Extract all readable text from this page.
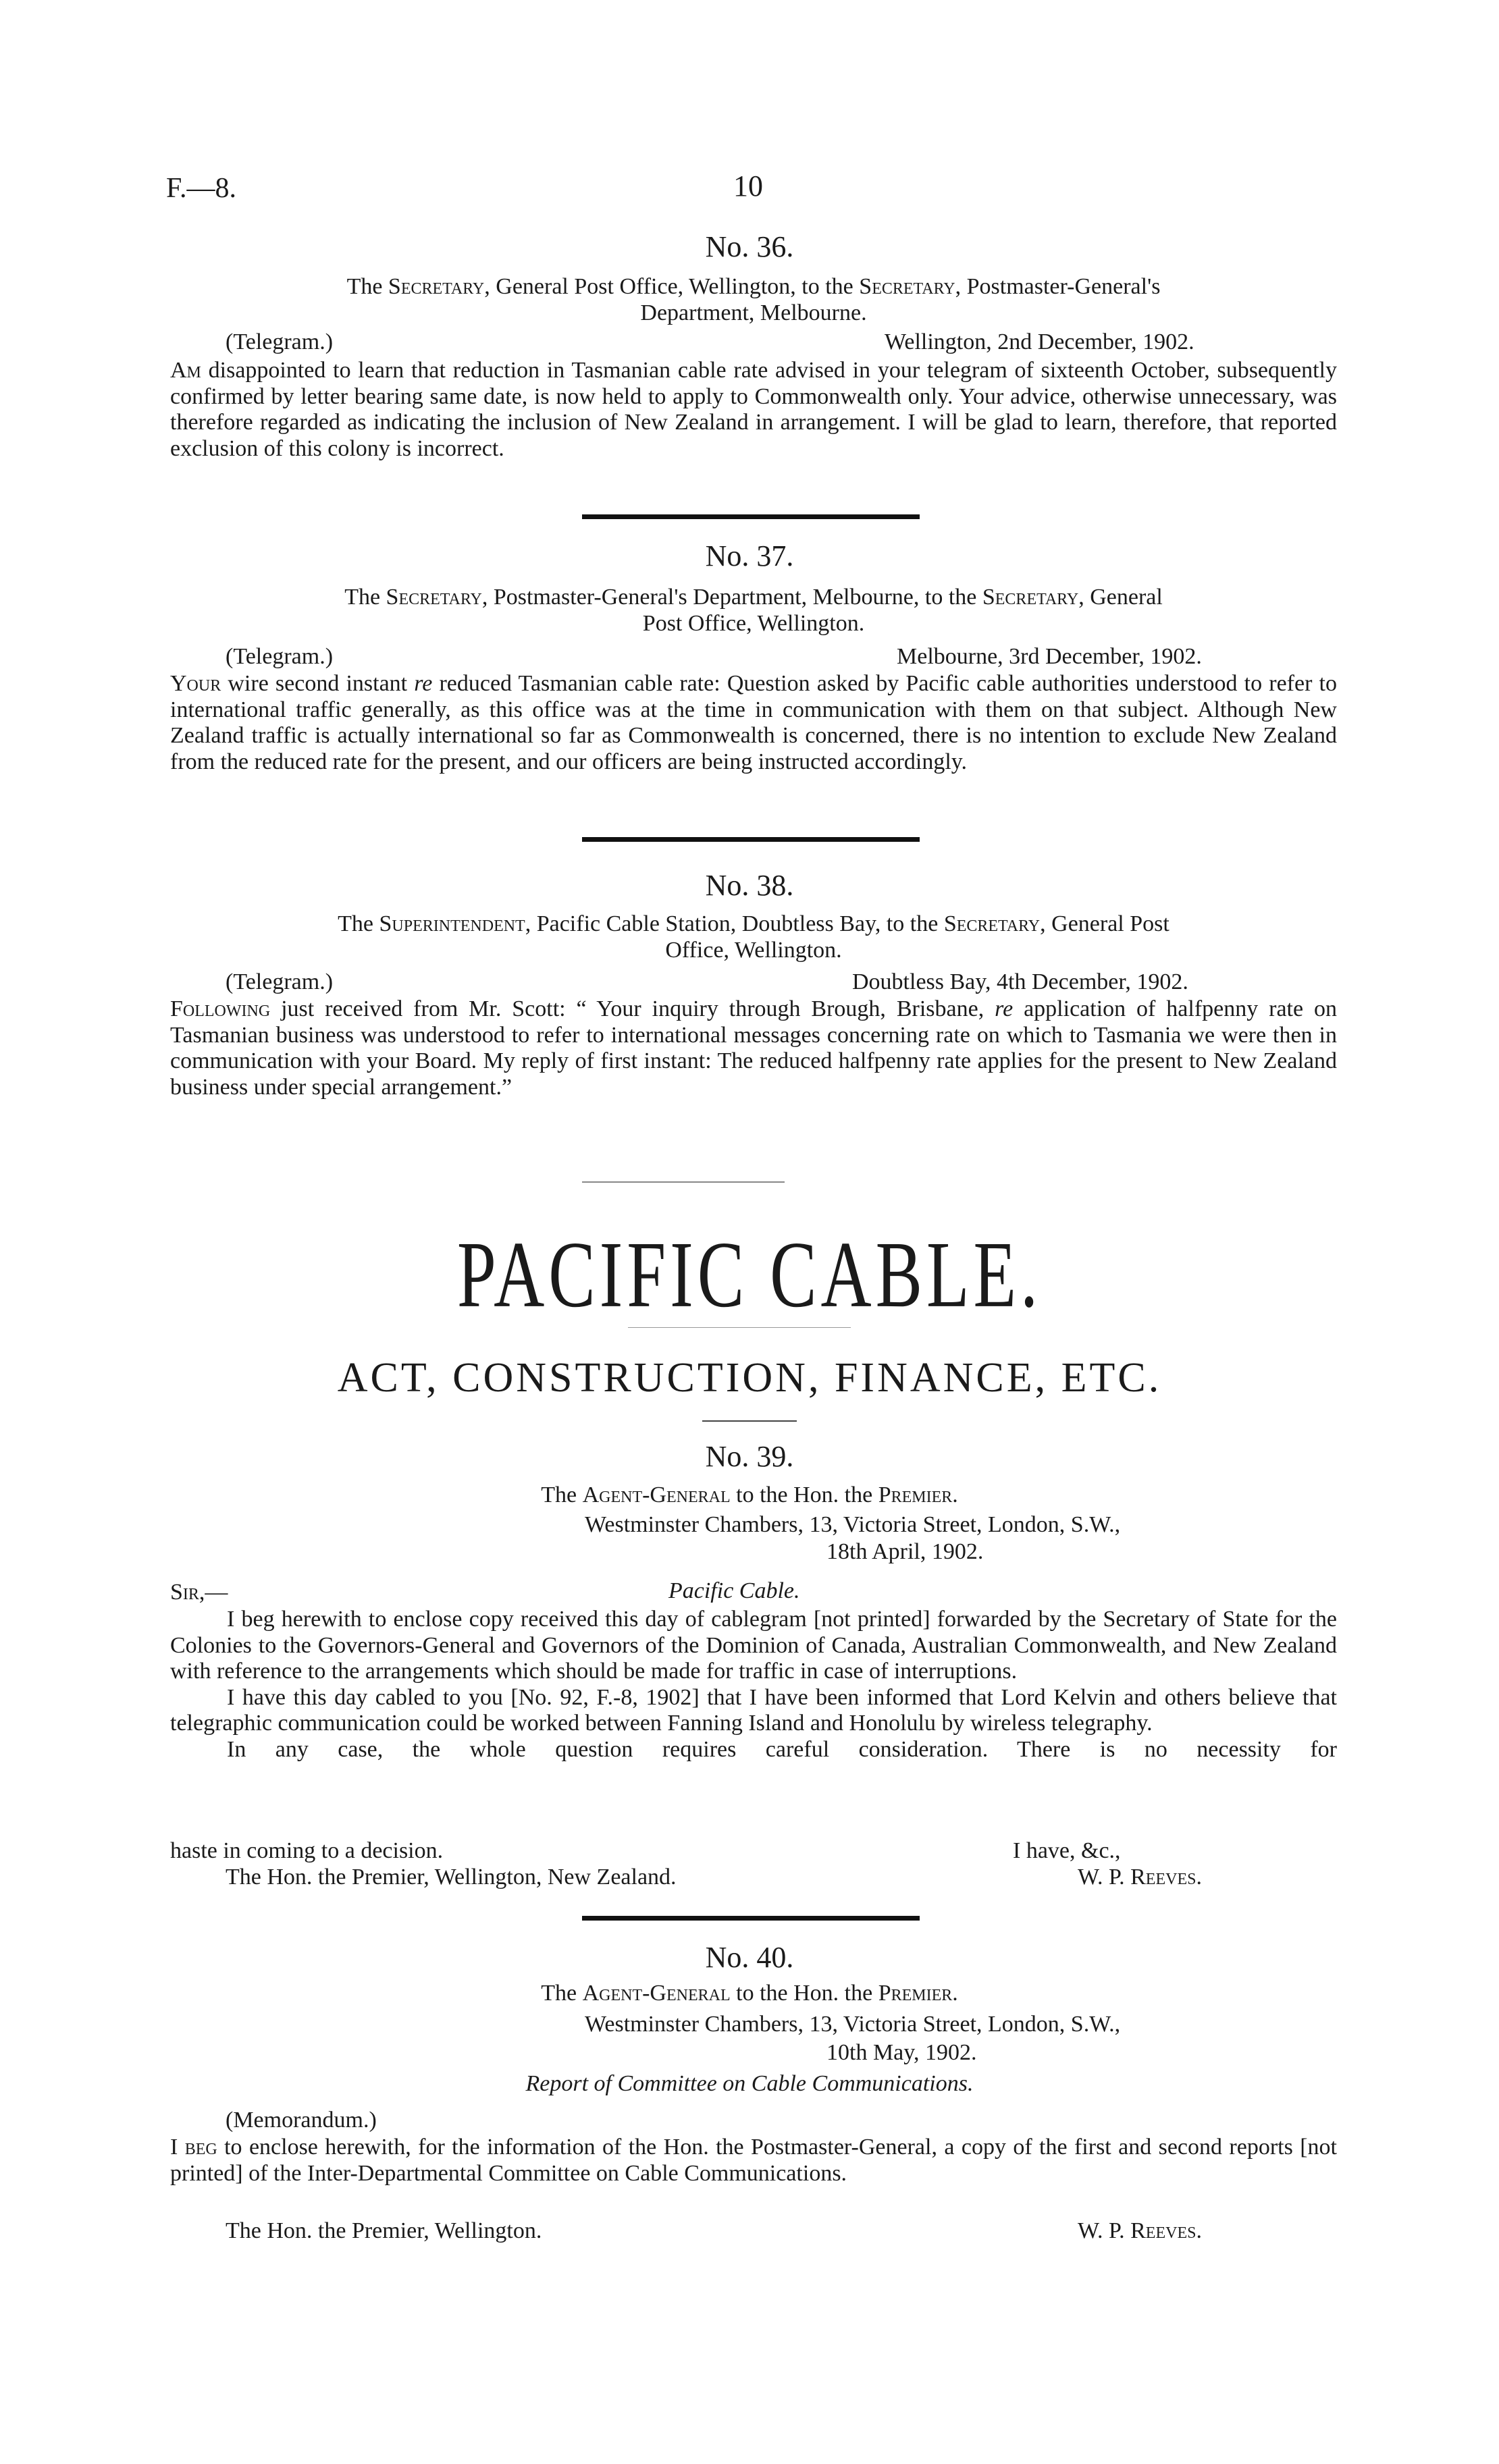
F.—8.	10
No. 36.
The Secretary, General Post Office, Wellington, to the Secretary, Postmaster-General's
Department, Melbourne.
(Telegram.)	Wellington, 2nd December, 1902.
Am disappointed to learn that reduction in Tasmanian cable rate advised in your telegram of sixteenth October, subsequently confirmed by letter bearing same date, is now held to apply to Commonwealth only. Your advice, otherwise unnecessary, was therefore regarded as indicating the inclusion of New Zealand in arrangement. I will be glad to learn, therefore, that reported exclusion of this colony is incorrect.
No. 37.
The Secretary, Postmaster-General's Department, Melbourne, to the Secretary, General
Post Office, Wellington.
(Telegram.)	Melbourne, 3rd December, 1902.
Your wire second instant re reduced Tasmanian cable rate: Question asked by Pacific cable authorities understood to refer to international traffic generally, as this office was at the time in communication with them on that subject. Although New Zealand traffic is actually international so far as Commonwealth is concerned, there is no intention to exclude New Zealand from the reduced rate for the present, and our officers are being instructed accordingly.
No. 38.
The Superintendent, Pacific Cable Station, Doubtless Bay, to the Secretary, General Post
Office, Wellington.
(Telegram.)	Doubtless Bay, 4th December, 1902.
Following just received from Mr. Scott: “ Your inquiry through Brough, Brisbane, re application of halfpenny rate on Tasmanian business was understood to refer to international messages concerning rate on which to Tasmania we were then in communication with your Board. My reply of first instant: The reduced halfpenny rate applies for the present to New Zealand business under special arrangement.”
PACIFIC CABLE.
ACT, CONSTRUCTION, FINANCE, ETC.
No. 39.
The Agent-General to the Hon. the Premier.
Westminster Chambers, 13, Victoria Street, London, S.W.,
18th April, 1902.
Sir,—	Pacific Cable.

I beg herewith to enclose copy received this day of cablegram [not printed] forwarded by the Secretary of State for the Colonies to the Governors-General and Governors of the Dominion of Canada, Australian Commonwealth, and New Zealand with reference to the arrangements which should be made for traffic in case of interruptions.

I have this day cabled to you [No. 92, F.-8, 1902] that I have been informed that Lord Kelvin and others believe that telegraphic communication could be worked between Fanning Island and Honolulu by wireless telegraphy.

In any case, the whole question requires careful consideration. There is no necessity for

haste in coming to a decision.	I have, &c.,
The Hon. the Premier, Wellington, New Zealand.	W. P. Reeves.
No. 40.
The Agent-General to the Hon. the Premier.
Westminster Chambers, 13, Victoria Street, London, S.W.,
10th May, 1902.
Report of Committee on Cable Communications.
(Memorandum.)
I beg to enclose herewith, for the information of the Hon. the Postmaster-General, a copy of the first and second reports [not printed] of the Inter-Departmental Committee on Cable Communications.
The Hon. the Premier, Wellington.	W. P. Reeves.
